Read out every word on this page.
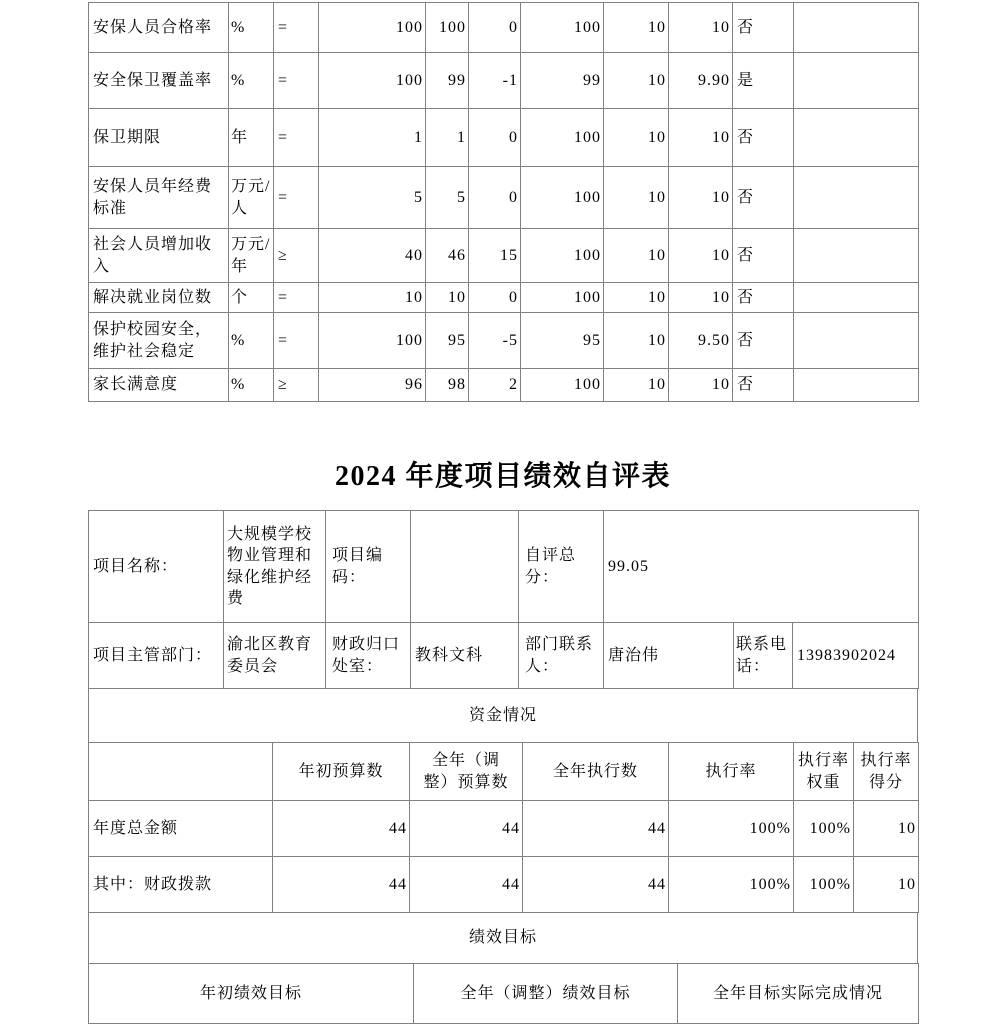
安保人员合格率	%	=	100	100	0	100	10	10	否	
安全保卫覆盖率	%	=	100	99	-1	99	10	9.90	是	
保卫期限	年	=	1	1	0	100	10	10	否	
安保人员年经费标准	万元/人	=	5	5	0	100	10	10	否	
社会人员增加收入	万元/年	≥	40	46	15	100	10	10	否	
解决就业岗位数	个	=	10	10	0	100	10	10	否	
保护校园安全，维护社会稳定	%	=	100	95	-5	95	10	9.50	否	
家长满意度	%	≥	96	98	2	100	10	10	否	
2024 年度项目绩效自评表
项目名称：	大规模学校物业管理和绿化维护经费	项目编码：		自评总分：	99.05		
项目主管部门：	渝北区教育委员会	财政归口处室：	教科文科	部门联系人：	唐治伟	联系电话：	13983902024
资金情况
	年初预算数	全年（调整）预算数	全年执行数	执行率	执行率权重	执行率得分
年度总金额	44	44	44	100%	100%	10
其中：财政拨款	44	44	44	100%	100%	10
绩效目标
年初绩效目标	全年（调整）绩效目标	全年目标实际完成情况
